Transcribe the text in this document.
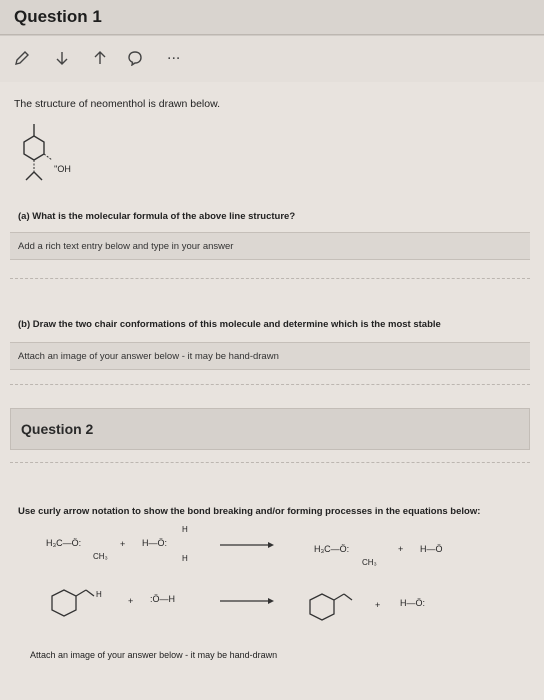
Question 1
...
The structure of neomenthol is drawn below.
''OH
(a) What is the molecular formula of the above line structure?
Add a rich text entry below and type in your answer
(b) Draw the two chair conformations of this molecule and determine which is the most stable
Attach an image of your answer below - it may be hand-drawn
Question 2
Use curly arrow notation to show the bond breaking and/or forming processes in the equations below:
H₃C—Ö:
CH₃
+
H
H—Ö:
H
H₃C—Ö:
CH₃
+ H—Ö
H
+ :Ö—H
+ H—Ö:
Attach an image of your answer below - it may be hand-drawn
